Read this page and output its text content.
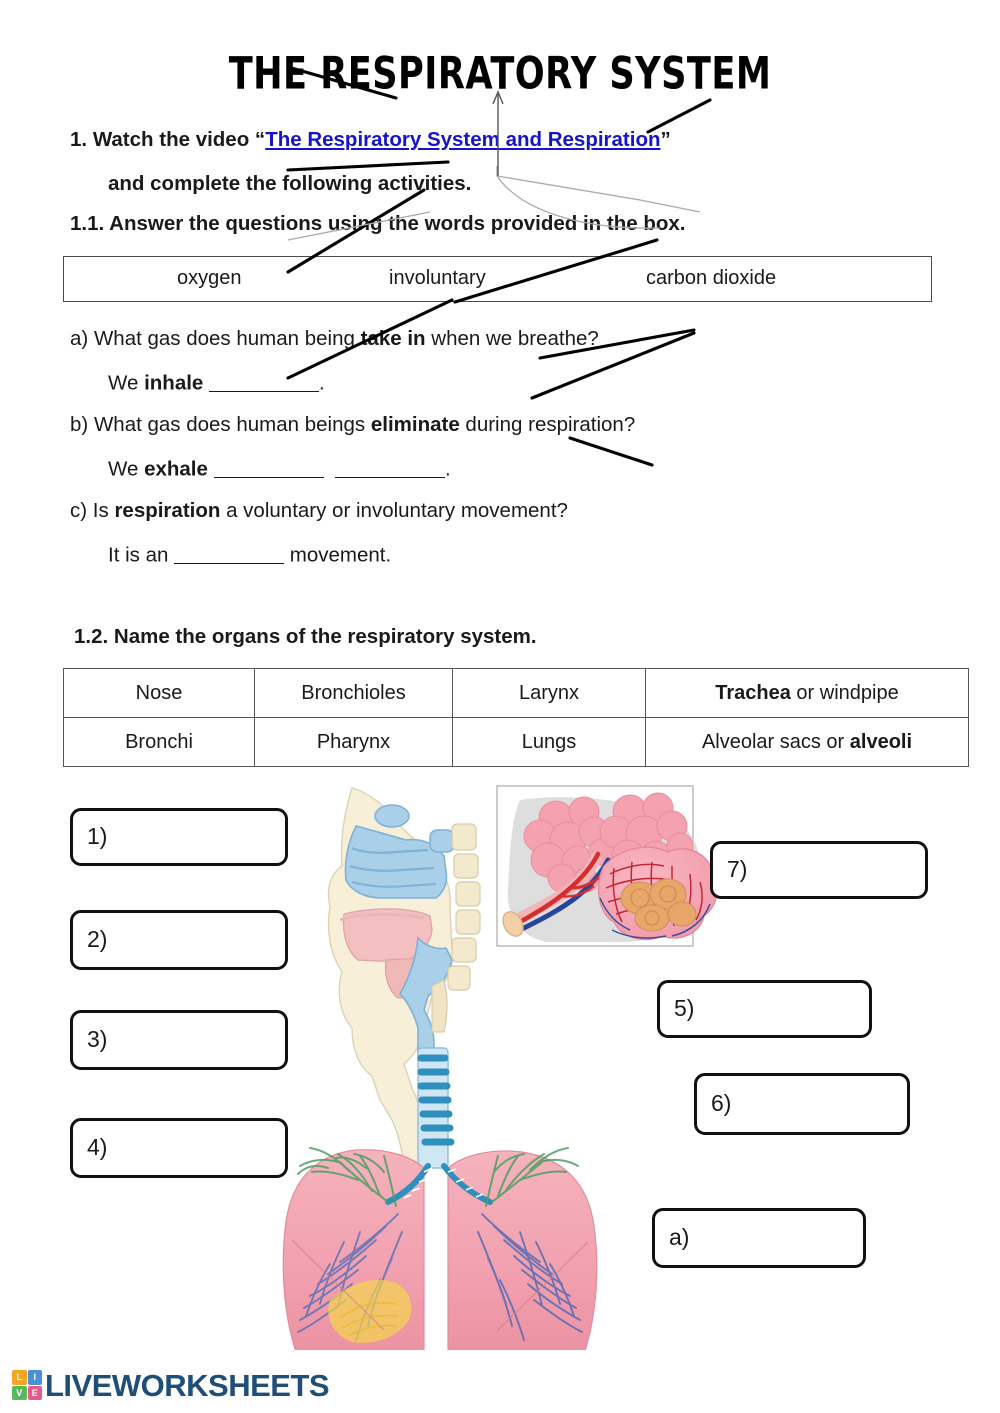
THE RESPIRATORY SYSTEM
1. Watch the video “The Respiratory System and Respiration”
and complete the following activities.
1.1. Answer the questions using the words provided in the box.
oxygen	involuntary	carbon dioxide
a) What gas does human being take in when we breathe?
We inhale	.
b) What gas does human beings eliminate during respiration?
We exhale	.
c) Is respiration a voluntary or involuntary movement?
It is an	movement.
1.2. Name the organs of the respiratory system.
Nose	Bronchioles	Larynx	Trachea or windpipe
Bronchi	Pharynx	Lungs	Alveolar sacs or alveoli
1)
2)
3)
4)
7)
5)
6)
a)
L	I
V	E LIVEWORKSHEETS
